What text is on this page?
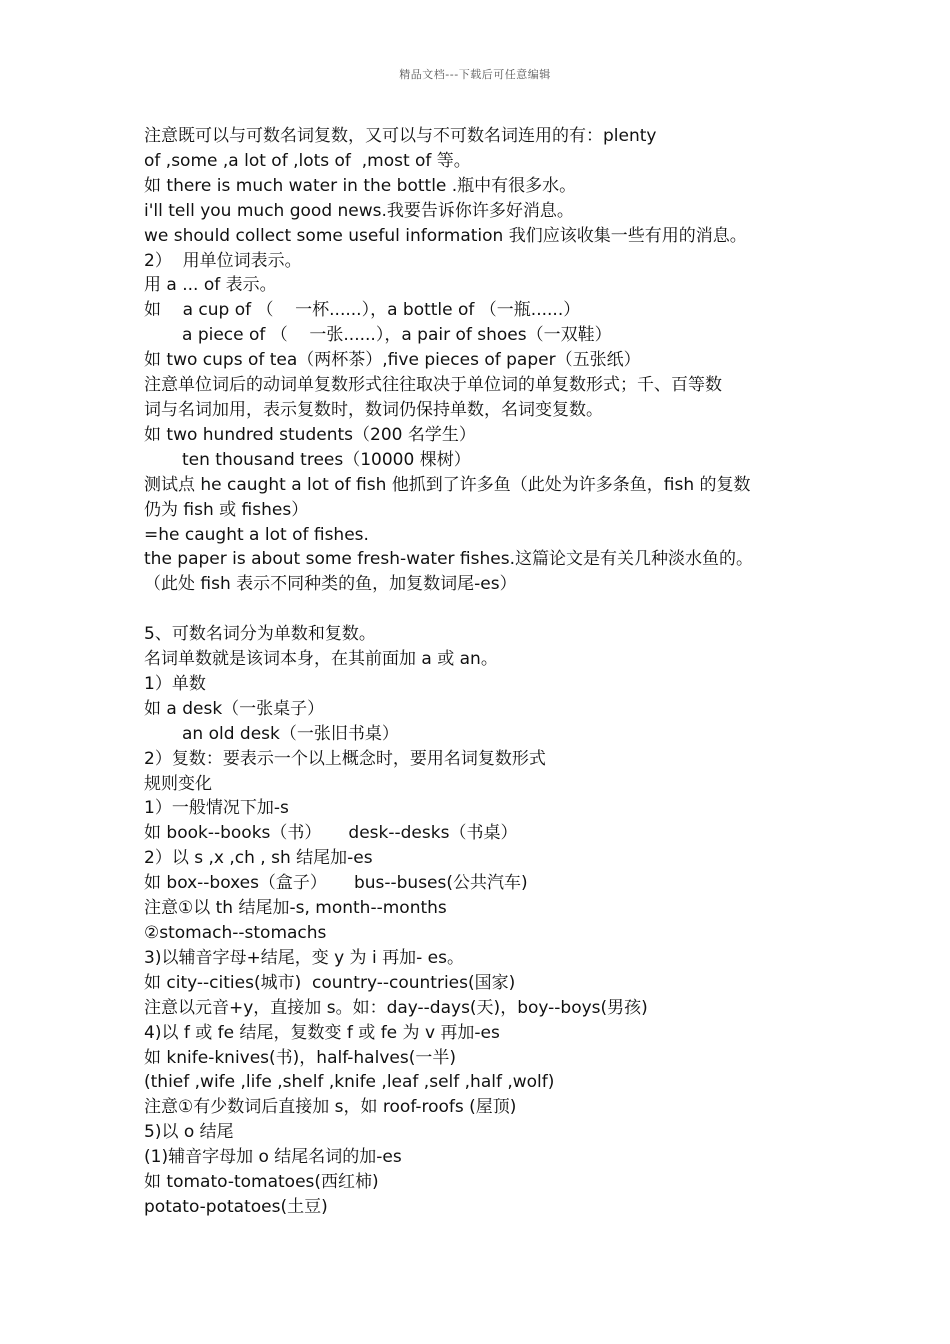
精品文档---下载后可任意编辑
注意既可以与可数名词复数，又可以与不可数名词连用的有：plenty
of ,some ,a lot of ,lots of  ,most of 等。
如 there is much water in the bottle .瓶中有很多水。
i'll tell you much good news.我要告诉你许多好消息。
we should collect some useful information 我们应该收集一些有用的消息。
2）  用单位词表示。
用 a ... of 表示。
如    a cup of （    一杯......），a bottle of （一瓶......）
a piece of （    一张......），a pair of shoes（一双鞋）
如 two cups of tea（两杯茶）,five pieces of paper（五张纸）
注意单位词后的动词单复数形式往往取决于单位词的单复数形式；千、百等数
词与名词加用，表示复数时，数词仍保持单数，名词变复数。
如 two hundred students（200 名学生）
ten thousand trees（10000 棵树）
测试点 he caught a lot of fish 他抓到了许多鱼（此处为许多条鱼，fish 的复数
仍为 fish 或 fishes）
=he caught a lot of fishes.
the paper is about some fresh-water fishes.这篇论文是有关几种淡水鱼的。
（此处 fish 表示不同种类的鱼，加复数词尾-es）
5、可数名词分为单数和复数。
名词单数就是该词本身，在其前面加 a 或 an。
1）单数
如 a desk（一张桌子）
an old desk（一张旧书桌）
2）复数：要表示一个以上概念时，要用名词复数形式
规则变化
1）一般情况下加-s
如 book--books（书）     desk--desks（书桌）
2）以 s ,x ,ch , sh 结尾加-es
如 box--boxes（盒子）     bus--buses(公共汽车)
注意①以 th 结尾加-s, month--months
②stomach--stomachs
3)以辅音字母+结尾，变 y 为 i 再加- es。
如 city--cities(城市)  country--countries(国家)
注意以元音+y，直接加 s。如：day--days(天)，boy--boys(男孩)
4)以 f 或 fe 结尾，复数变 f 或 fe 为 v 再加-es
如 knife-knives(书)，half-halves(一半)
(thief ,wife ,life ,shelf ,knife ,leaf ,self ,half ,wolf)
注意①有少数词后直接加 s，如 roof-roofs (屋顶)
5)以 o 结尾
(1)辅音字母加 o 结尾名词的加-es
如 tomato-tomatoes(西红柿)
potato-potatoes(土豆)
